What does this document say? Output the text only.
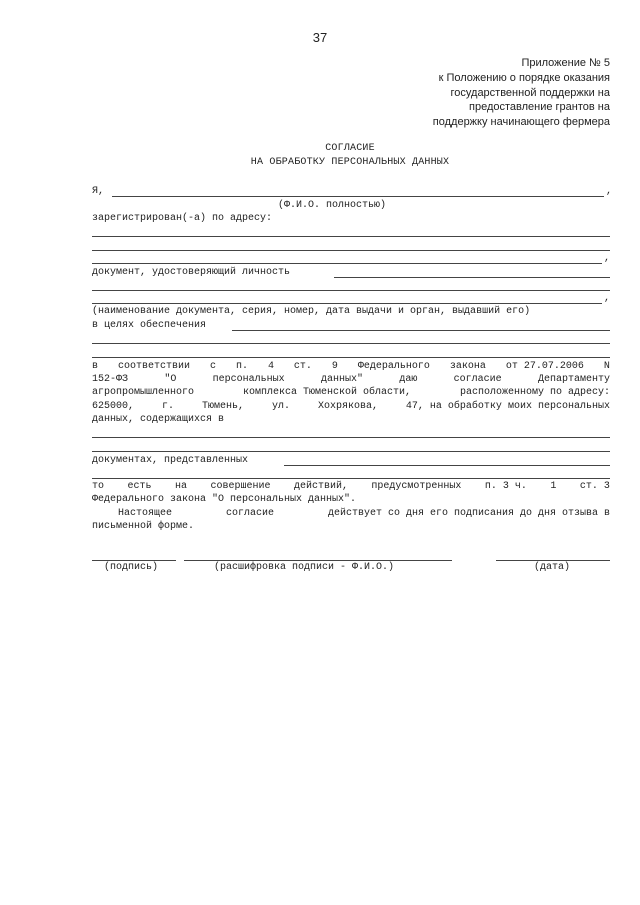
37
Приложение № 5
к Положению о порядке оказания
государственной поддержки на
предоставление грантов на
поддержку начинающего фермера
СОГЛАСИЕ
НА ОБРАБОТКУ ПЕРСОНАЛЬНЫХ ДАННЫХ
Я,	,
(Ф.И.О. полностью)
зарегистрирован(-а) по адресу:
,
документ, удостоверяющий личность
,
(наименование документа, серия, номер, дата выдачи и орган, выдавший его)
в целях обеспечения
в соответствии с п. 4 ст. 9 Федерального закона от 27.07.2006 N
152-ФЗ	"О	персональных	данных"	даю	согласие	Департаменту
агропромышленного	комплекса Тюменской области,	расположенному по адресу:
625000,	г.	Тюмень,	ул.	Хохрякова,	47, на обработку моих персональных
данных, содержащихся в
документах, представленных
то есть на совершение действий, предусмотренных п. 3 ч. 1 ст. 3
Федерального закона "О персональных данных".
Настоящее	согласие	действует со дня его подписания до дня отзыва в
письменной форме.
(подпись)	(расшифровка подписи - Ф.И.О.)	(дата)
